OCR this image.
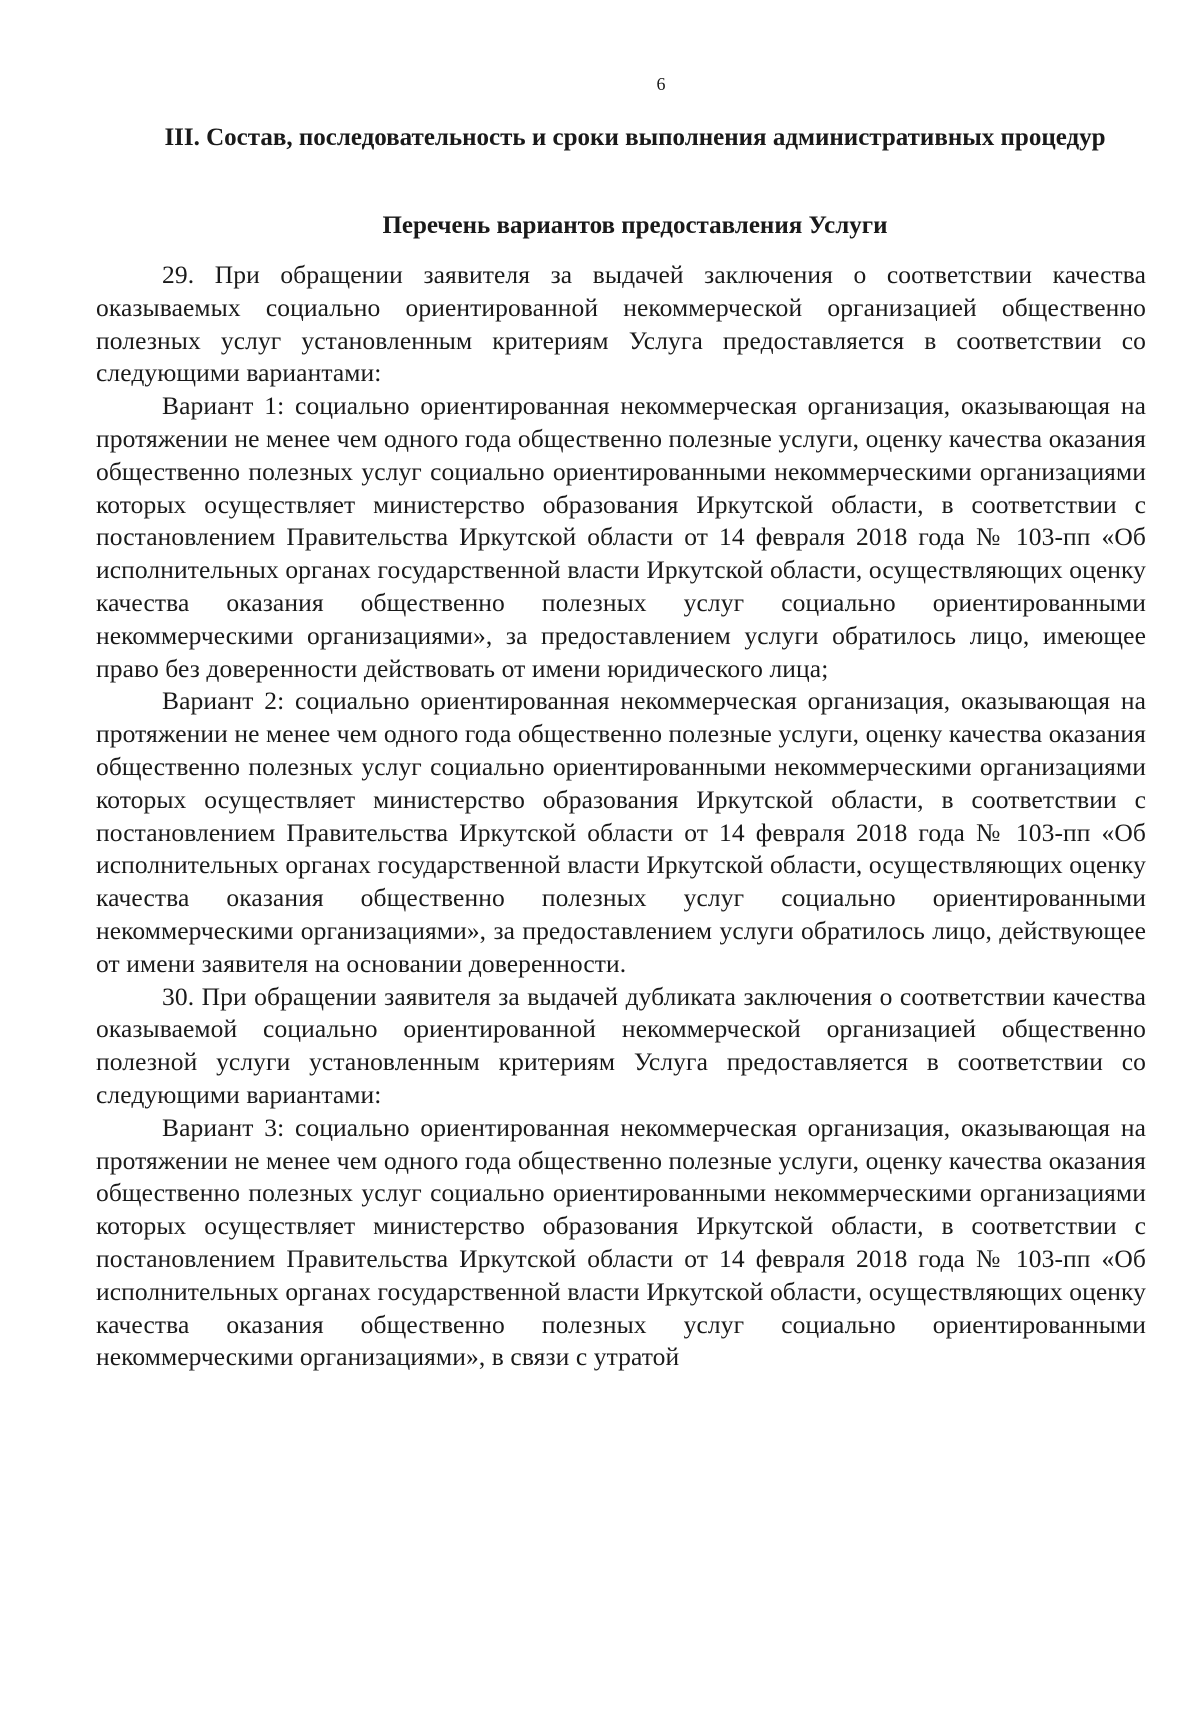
6
III. Состав, последовательность и сроки выполнения административных процедур
Перечень вариантов предоставления Услуги

29. При обращении заявителя за выдачей заключения о соответствии качества оказываемых социально ориентированной некоммерческой организацией общественно полезных услуг установленным критериям Услуга предоставляется в соответствии со следующими вариантами:

Вариант 1: социально ориентированная некоммерческая организация, оказывающая на протяжении не менее чем одного года общественно полезные услуги, оценку качества оказания общественно полезных услуг социально ориентированными некоммерческими организациями которых осуществляет министерство образования Иркутской области, в соответствии с постановлением Правительства Иркутской области от 14 февраля 2018 года № 103-пп «Об исполнительных органах государственной власти Иркутской области, осуществляющих оценку качества оказания общественно полезных услуг социально ориентированными некоммерческими организациями», за предоставлением услуги обратилось лицо, имеющее право без доверенности действовать от имени юридического лица;

Вариант 2: социально ориентированная некоммерческая организация, оказывающая на протяжении не менее чем одного года общественно полезные услуги, оценку качества оказания общественно полезных услуг социально ориентированными некоммерческими организациями которых осуществляет министерство образования Иркутской области, в соответствии с постановлением Правительства Иркутской области от 14 февраля 2018 года № 103-пп «Об исполнительных органах государственной власти Иркутской области, осуществляющих оценку качества оказания общественно полезных услуг социально ориентированными некоммерческими организациями», за предоставлением услуги обратилось лицо, действующее от имени заявителя на основании доверенности.

30. При обращении заявителя за выдачей дубликата заключения о соответствии качества оказываемой социально ориентированной некоммерческой организацией общественно полезной услуги установленным критериям Услуга предоставляется в соответствии со следующими вариантами:

Вариант 3: социально ориентированная некоммерческая организация, оказывающая на протяжении не менее чем одного года общественно полезные услуги, оценку качества оказания общественно полезных услуг социально ориентированными некоммерческими организациями которых осуществляет министерство образования Иркутской области, в соответствии с постановлением Правительства Иркутской области от 14 февраля 2018 года № 103-пп «Об исполнительных органах государственной власти Иркутской области, осуществляющих оценку качества оказания общественно полезных услуг социально ориентированными некоммерческими организациями», в связи с утратой
